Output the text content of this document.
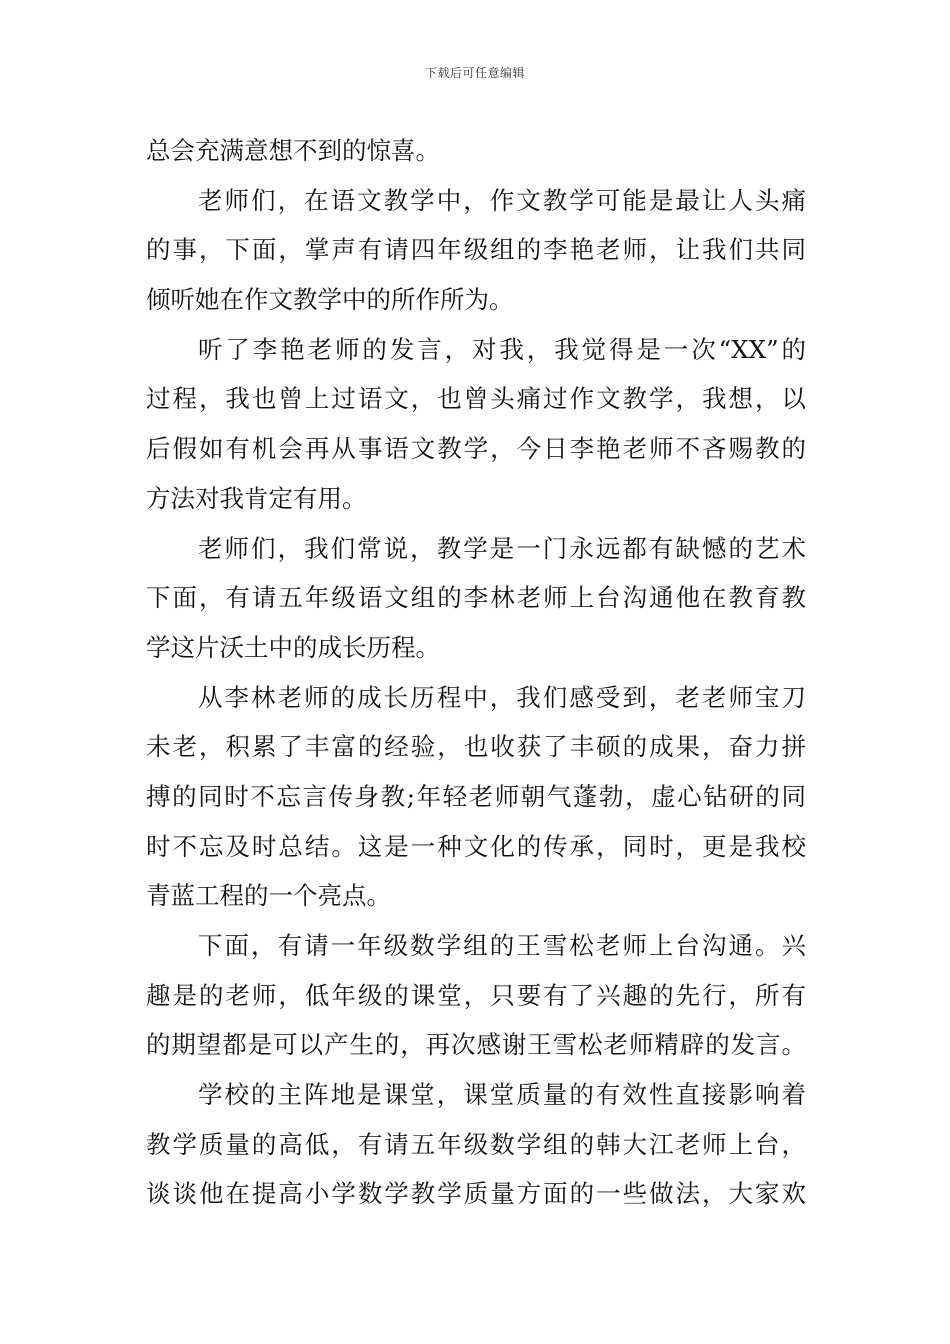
下载后可任意编辑
总会充满意想不到的惊喜。
老师们，在语文教学中，作文教学可能是最让人头痛
的事，下面，掌声有请四年级组的李艳老师，让我们共同
倾听她在作文教学中的所作所为。
听了李艳老师的发言，对我，我觉得是一次“XX”的
过程，我也曾上过语文，也曾头痛过作文教学，我想，以
后假如有机会再从事语文教学，今日李艳老师不吝赐教的
方法对我肯定有用。
老师们，我们常说，教学是一门永远都有缺憾的艺术
下面，有请五年级语文组的李林老师上台沟通他在教育教
学这片沃土中的成长历程。
从李林老师的成长历程中，我们感受到，老老师宝刀
未老，积累了丰富的经验，也收获了丰硕的成果，奋力拼
搏的同时不忘言传身教;年轻老师朝气蓬勃，虚心钻研的同
时不忘及时总结。这是一种文化的传承，同时，更是我校
青蓝工程的一个亮点。
下面，有请一年级数学组的王雪松老师上台沟通。兴
趣是的老师，低年级的课堂，只要有了兴趣的先行，所有
的期望都是可以产生的，再次感谢王雪松老师精辟的发言。
学校的主阵地是课堂，课堂质量的有效性直接影响着
教学质量的高低，有请五年级数学组的韩大江老师上台，
谈谈他在提高小学数学教学质量方面的一些做法，大家欢
